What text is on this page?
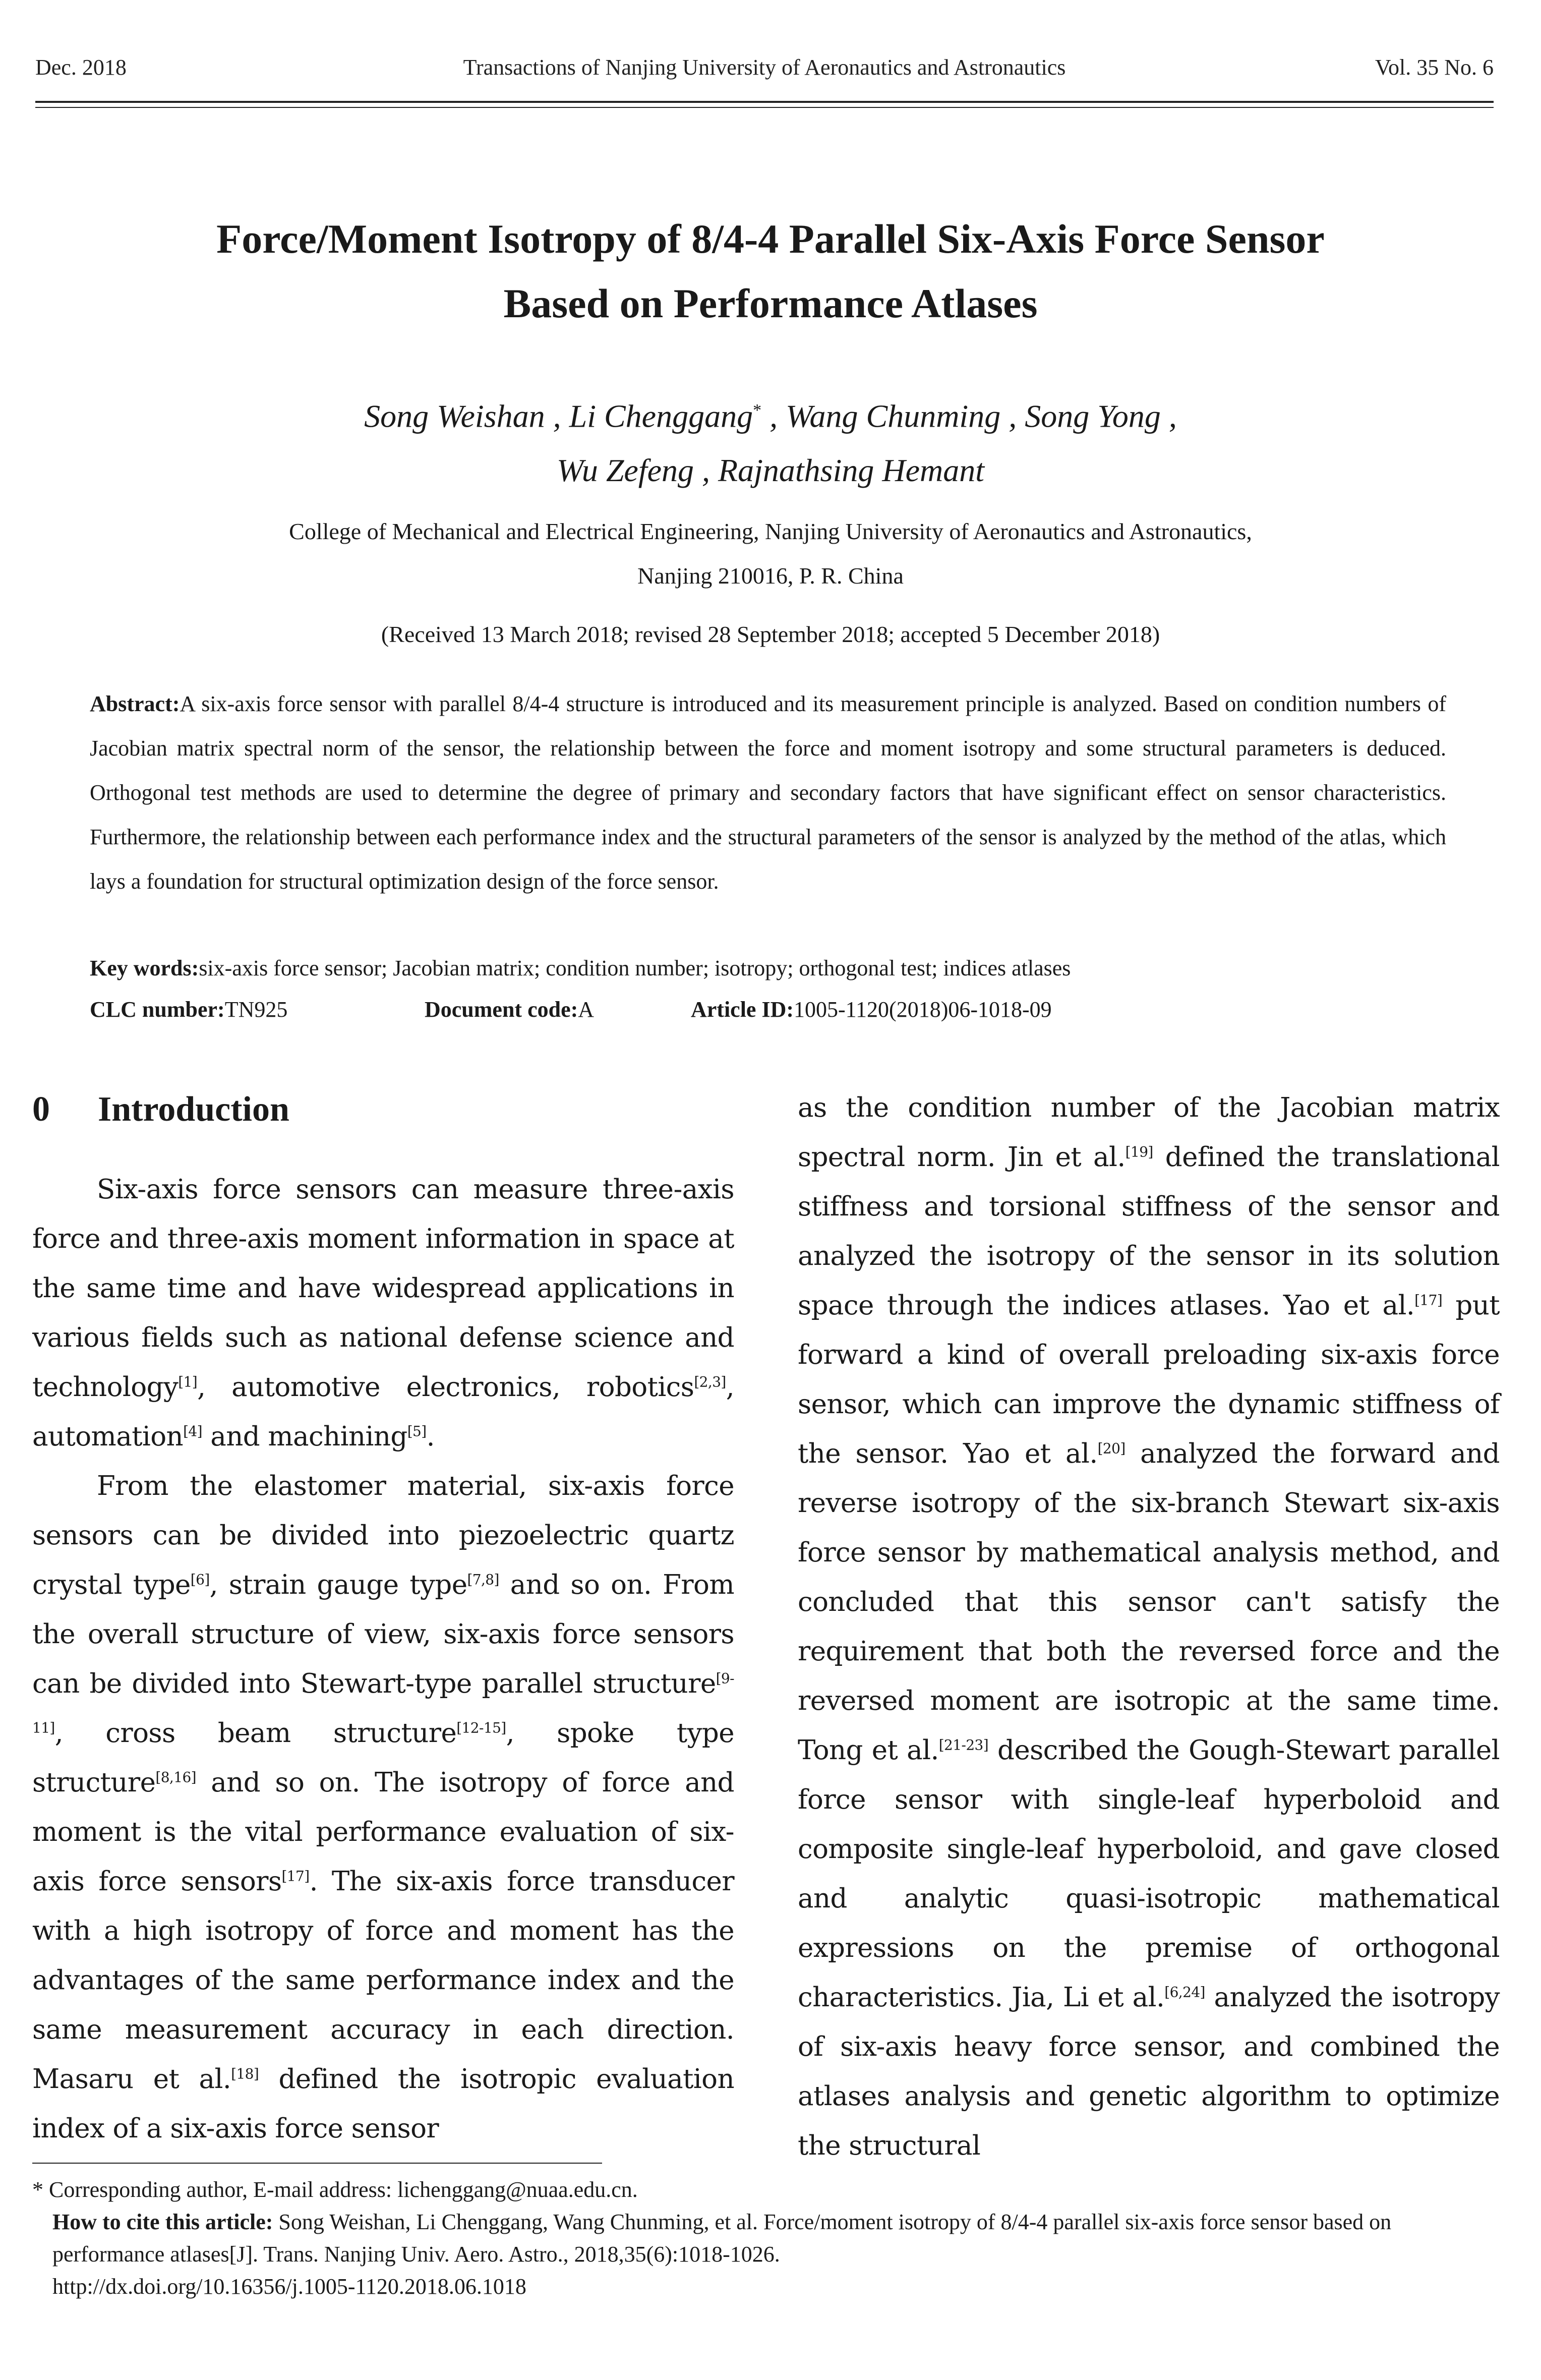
Dec. 2018	Transactions of Nanjing University of Aeronautics and Astronautics	Vol. 35 No. 6
Force/Moment Isotropy of 8/4-4 Parallel Six-Axis Force Sensor
Based on Performance Atlases
Song Weishan , Li Chenggang* , Wang Chunming , Song Yong ,
Wu Zefeng , Rajnathsing Hemant
College of Mechanical and Electrical Engineering, Nanjing University of Aeronautics and Astronautics,
Nanjing 210016, P. R. China
(Received 13 March 2018; revised 28 September 2018; accepted 5 December 2018)
Abstract:A six-axis force sensor with parallel 8/4-4 structure is introduced and its measurement principle is analyzed. Based on condition numbers of Jacobian matrix spectral norm of the sensor, the relationship between the force and moment isotropy and some structural parameters is deduced. Orthogonal test methods are used to determine the degree of primary and secondary factors that have significant effect on sensor characteristics. Furthermore, the relationship between each performance index and the structural parameters of the sensor is analyzed by the method of the atlas, which lays a foundation for structural optimization design of the force sensor.
Key words:six-axis force sensor; Jacobian matrix; condition number; isotropy; orthogonal test; indices atlases
CLC number:TN925	Document code:A	Article ID:1005-1120(2018)06-1018-09
0 Introduction

Six-axis force sensors can measure three-axis force and three-axis moment information in space at the same time and have widespread applications in various fields such as national defense science and technology[1], automotive electronics, robotics[2,3], automation[4] and machining[5].

From the elastomer material, six-axis force sensors can be divided into piezoelectric quartz crystal type[6], strain gauge type[7,8] and so on. From the overall structure of view, six-axis force sensors can be divided into Stewart-type parallel structure[9-11], cross beam structure[12-15], spoke type structure[8,16] and so on. The isotropy of force and moment is the vital performance evaluation of six-axis force sensors[17]. The six-axis force transducer with a high isotropy of force and moment has the advantages of the same performance index and the same measurement accuracy in each direction. Masaru et al.[18] defined the isotropic evaluation index of a six-axis force sensor

as the condition number of the Jacobian matrix spectral norm. Jin et al.[19] defined the translational stiffness and torsional stiffness of the sensor and analyzed the isotropy of the sensor in its solution space through the indices atlases. Yao et al.[17] put forward a kind of overall preloading six-axis force sensor, which can improve the dynamic stiffness of the sensor. Yao et al.[20] analyzed the forward and reverse isotropy of the six-branch Stewart six-axis force sensor by mathematical analysis method, and concluded that this sensor can't satisfy the requirement that both the reversed force and the reversed moment are isotropic at the same time. Tong et al.[21-23] described the Gough-Stewart parallel force sensor with single-leaf hyperboloid and composite single-leaf hyperboloid, and gave closed and analytic quasi-isotropic mathematical expressions on the premise of orthogonal characteristics. Jia, Li et al.[6,24] analyzed the isotropy of six-axis heavy force sensor, and combined the atlases analysis and genetic algorithm to optimize the structural

* Corresponding author, E-mail address: lichenggang@nuaa.edu.cn.
How to cite this article: Song Weishan, Li Chenggang, Wang Chunming, et al. Force/moment isotropy of 8/4-4 parallel six-axis force sensor based on performance atlases[J]. Trans. Nanjing Univ. Aero. Astro., 2018,35(6):1018-1026.
http://dx.doi.org/10.16356/j.1005-1120.2018.06.1018
